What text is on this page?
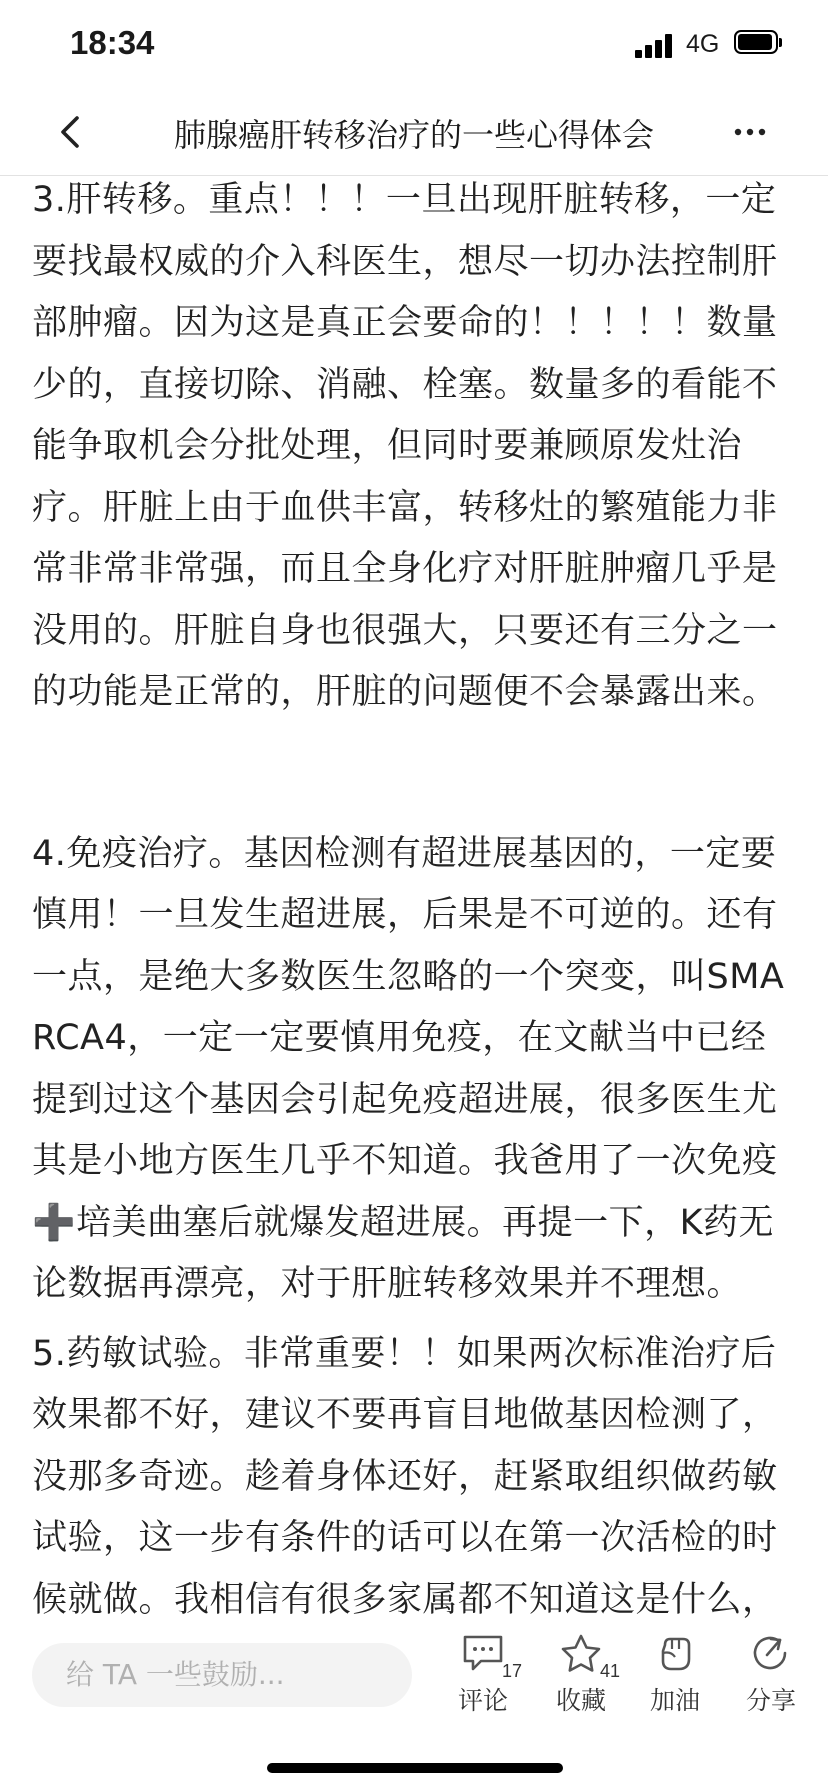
18:34	4G
肺腺癌肝转移治疗的一些心得体会

3.肝转移。重点！！！一旦出现肝脏转移，一定要找最权威的介入科医生，想尽一切办法控制肝部肿瘤。因为这是真正会要命的！！！！！数量少的，直接切除、消融、栓塞。数量多的看能不能争取机会分批处理，但同时要兼顾原发灶治疗。肝脏上由于血供丰富，转移灶的繁殖能力非常非常非常强，而且全身化疗对肝脏肿瘤几乎是没用的。肝脏自身也很强大，只要还有三分之一的功能是正常的，肝脏的问题便不会暴露出来。

4.免疫治疗。基因检测有超进展基因的，一定要慎用！一旦发生超进展，后果是不可逆的。还有一点，是绝大多数医生忽略的一个突变，叫SMARCA4，一定一定要慎用免疫，在文献当中已经提到过这个基因会引起免疫超进展，很多医生尤其是小地方医生几乎不知道。我爸用了一次免疫➕培美曲塞后就爆发超进展。再提一下，K药无论数据再漂亮，对于肝脏转移效果并不理想。

5.药敏试验。非常重要！！如果两次标准治疗后效果都不好，建议不要再盲目地做基因检测了，没那多奇迹。趁着身体还好，赶紧取组织做药敏试验，这一步有条件的话可以在第一次活检的时候就做。我相信有很多家属都不知道这是什么，

给 TA 一些鼓励...	17
评论
41
收藏	加油	分享
